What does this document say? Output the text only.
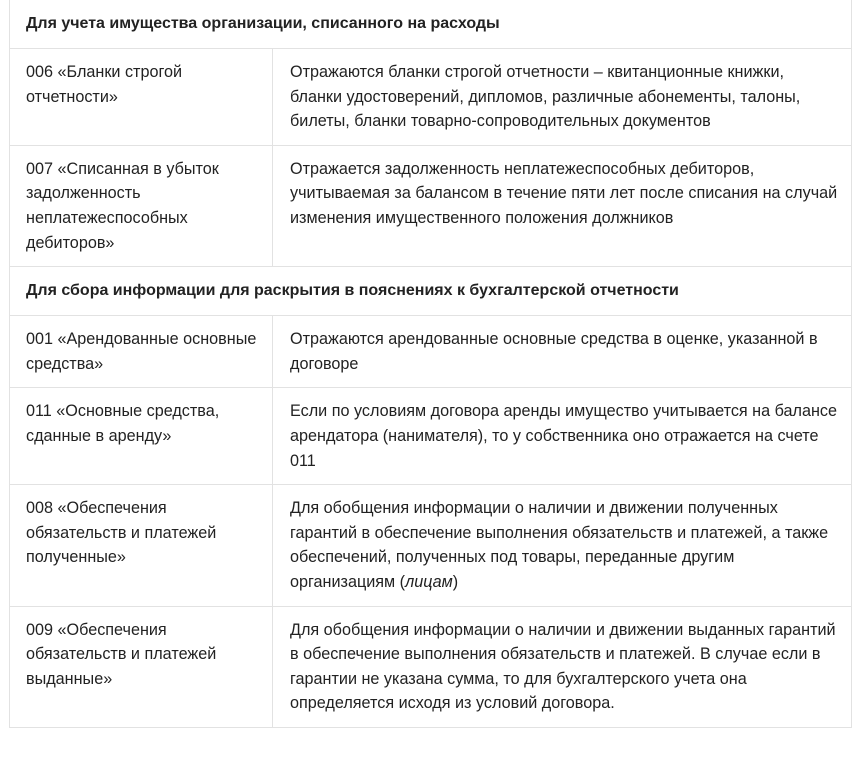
Для учета имущества организации, списанного на расходы	
006 «Бланки строгой отчетности»	Отражаются бланки строгой отчетности – квитанционные книжки, бланки удостоверений, дипломов, различные абонементы, талоны, билеты, бланки товарно-сопроводительных документов
007 «Списанная в убыток задолженность неплатежеспособных дебиторов»	Отражается задолженность неплатежеспособных дебиторов, учитываемая за балансом в течение пяти лет после списания на случай изменения имущественного положения должников
Для сбора информации для раскрытия в пояснениях к бухгалтерской отчетности	
001 «Арендованные основные средства»	Отражаются арендованные основные средства в оценке, указанной в договоре
011 «Основные средства, сданные в аренду»	Если по условиям договора аренды имущество учитывается на балансе арендатора (нанимателя), то у собственника оно отражается на счете 011
008 «Обеспечения обязательств и платежей полученные»	Для обобщения информации о наличии и движении полученных гарантий в обеспечение выполнения обязательств и платежей, а также обеспечений, полученных под товары, переданные другим организациям (лицам)
009 «Обеспечения обязательств и платежей выданные»	Для обобщения информации о наличии и движении выданных гарантий в обеспечение выполнения обязательств и платежей. В случае если в гарантии не указана сумма, то для бухгалтерского учета она определяется исходя из условий договора.
